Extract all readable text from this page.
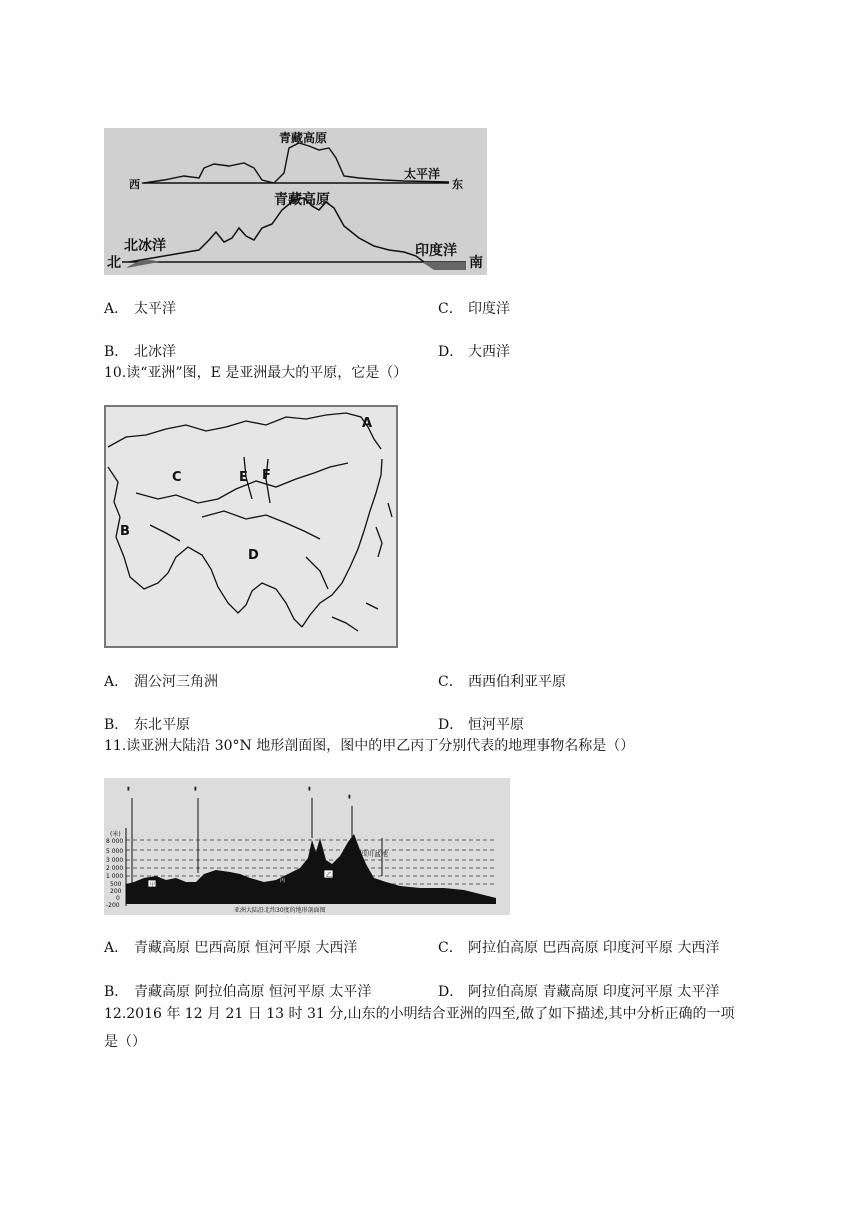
青藏高原
西
太平洋
东
青藏高原
北冰洋
北
印度洋
南
A． 太平洋	C． 印度洋
B． 北冰洋	D． 大西洋
10.读“亚洲”图，E 是亚洲最大的平原，它是（）
A
B
C
D
E F
A． 湄公河三角洲	C． 西西伯利亚平原
B． 东北平原	D． 恒河平原
11.读亚洲大陆沿 30°N 地形剖面图，图中的甲乙丙丁分别代表的地理事物名称是（）
▮	▮	▮
▮
甲
乙
丙
四川盆地
(米)
8 000
5 000
3 000
2 000
1 000
500
200
0
-200
亚洲大陆沿北纬30度的地形剖面图
A． 青藏高原 巴西高原 恒河平原 大西洋	C． 阿拉伯高原 巴西高原 印度河平原 大西洋
B． 青藏高原 阿拉伯高原 恒河平原 太平洋	D． 阿拉伯高原 青藏高原 印度河平原 太平洋
12.2016 年 12 月 21 日 13 时 31 分,山东的小明结合亚洲的四至,做了如下描述,其中分析正确的一项
是（）
